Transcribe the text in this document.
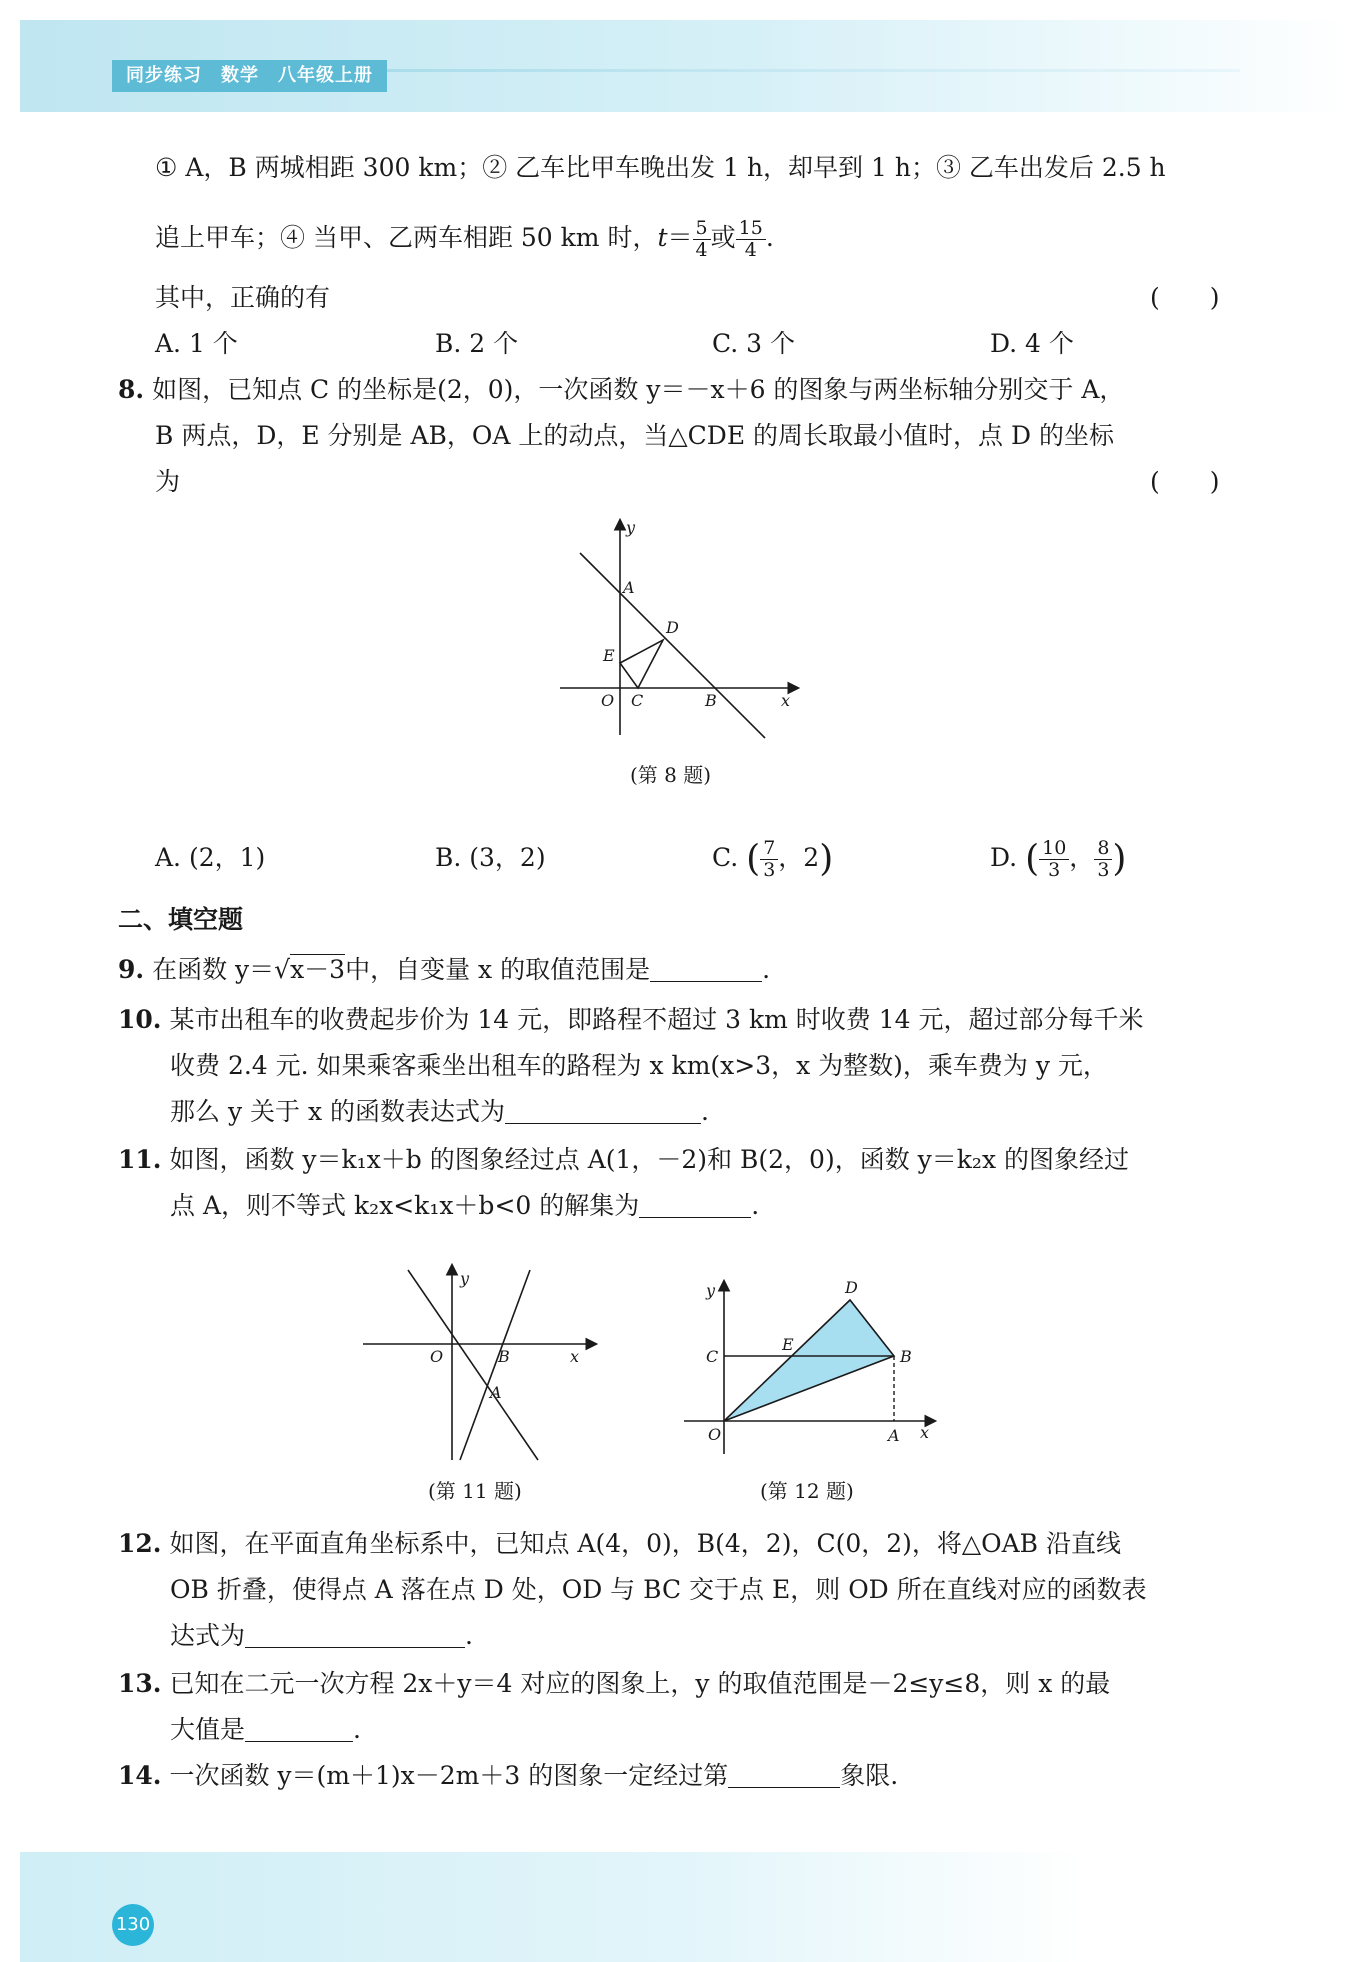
同步练习　数学　八年级上册
① A，B 两城相距 300 km；② 乙车比甲车晚出发 1 h，却早到 1 h；③ 乙车出发后 2.5 h
追上甲车；④ 当甲、乙两车相距 50 km 时，$t= \frac{5}{4}$ 或 $\frac{15}{4}$ .
其中，正确的有	(　　)
A. 1 个	B. 2 个	C. 3 个	D. 4 个
8. 如图，已知点 C 的坐标是(2，0)，一次函数 y＝－x＋6 的图象与两坐标轴分别交于 A，
B 两点，D，E 分别是 AB，OA 上的动点，当△CDE 的周长取最小值时，点 D 的坐标
为	(　　)
y
A
D
E
O C	B	x
(第 8 题)
A. (2，1)	B. (3，2)	C. ( $\frac{7}{3}$ ，2)	D. ( $\frac{10}{3}$ ， $\frac{8}{3}$ )
二、填空题
9. 在函数 y＝√x－3中，自变量 x 的取值范围是	.
10. 某市出租车的收费起步价为 14 元，即路程不超过 3 km 时收费 14 元，超过部分每千米
收费 2.4 元. 如果乘客乘坐出租车的路程为 x km(x>3，x 为整数)，乘车费为 y 元，
那么 y 关于 x 的函数表达式为	.
11. 如图，函数 y＝k₁x＋b 的图象经过点 A(1，－2)和 B(2，0)，函数 y＝k₂x 的图象经过
点 A，则不等式 k₂x<k₁x＋b<0 的解集为	.
y
O	B	x
A
(第 11 题)
y	D
C
E
B
O	A x
(第 12 题)
12. 如图，在平面直角坐标系中，已知点 A(4，0)，B(4，2)，C(0，2)，将△OAB 沿直线
OB 折叠，使得点 A 落在点 D 处，OD 与 BC 交于点 E，则 OD 所在直线对应的函数表
达式为	.
13. 已知在二元一次方程 2x＋y＝4 对应的图象上，y 的取值范围是－2≤y≤8，则 x 的最
大值是	.
14. 一次函数 y＝(m＋1)x－2m＋3 的图象一定经过第	象限.
130
